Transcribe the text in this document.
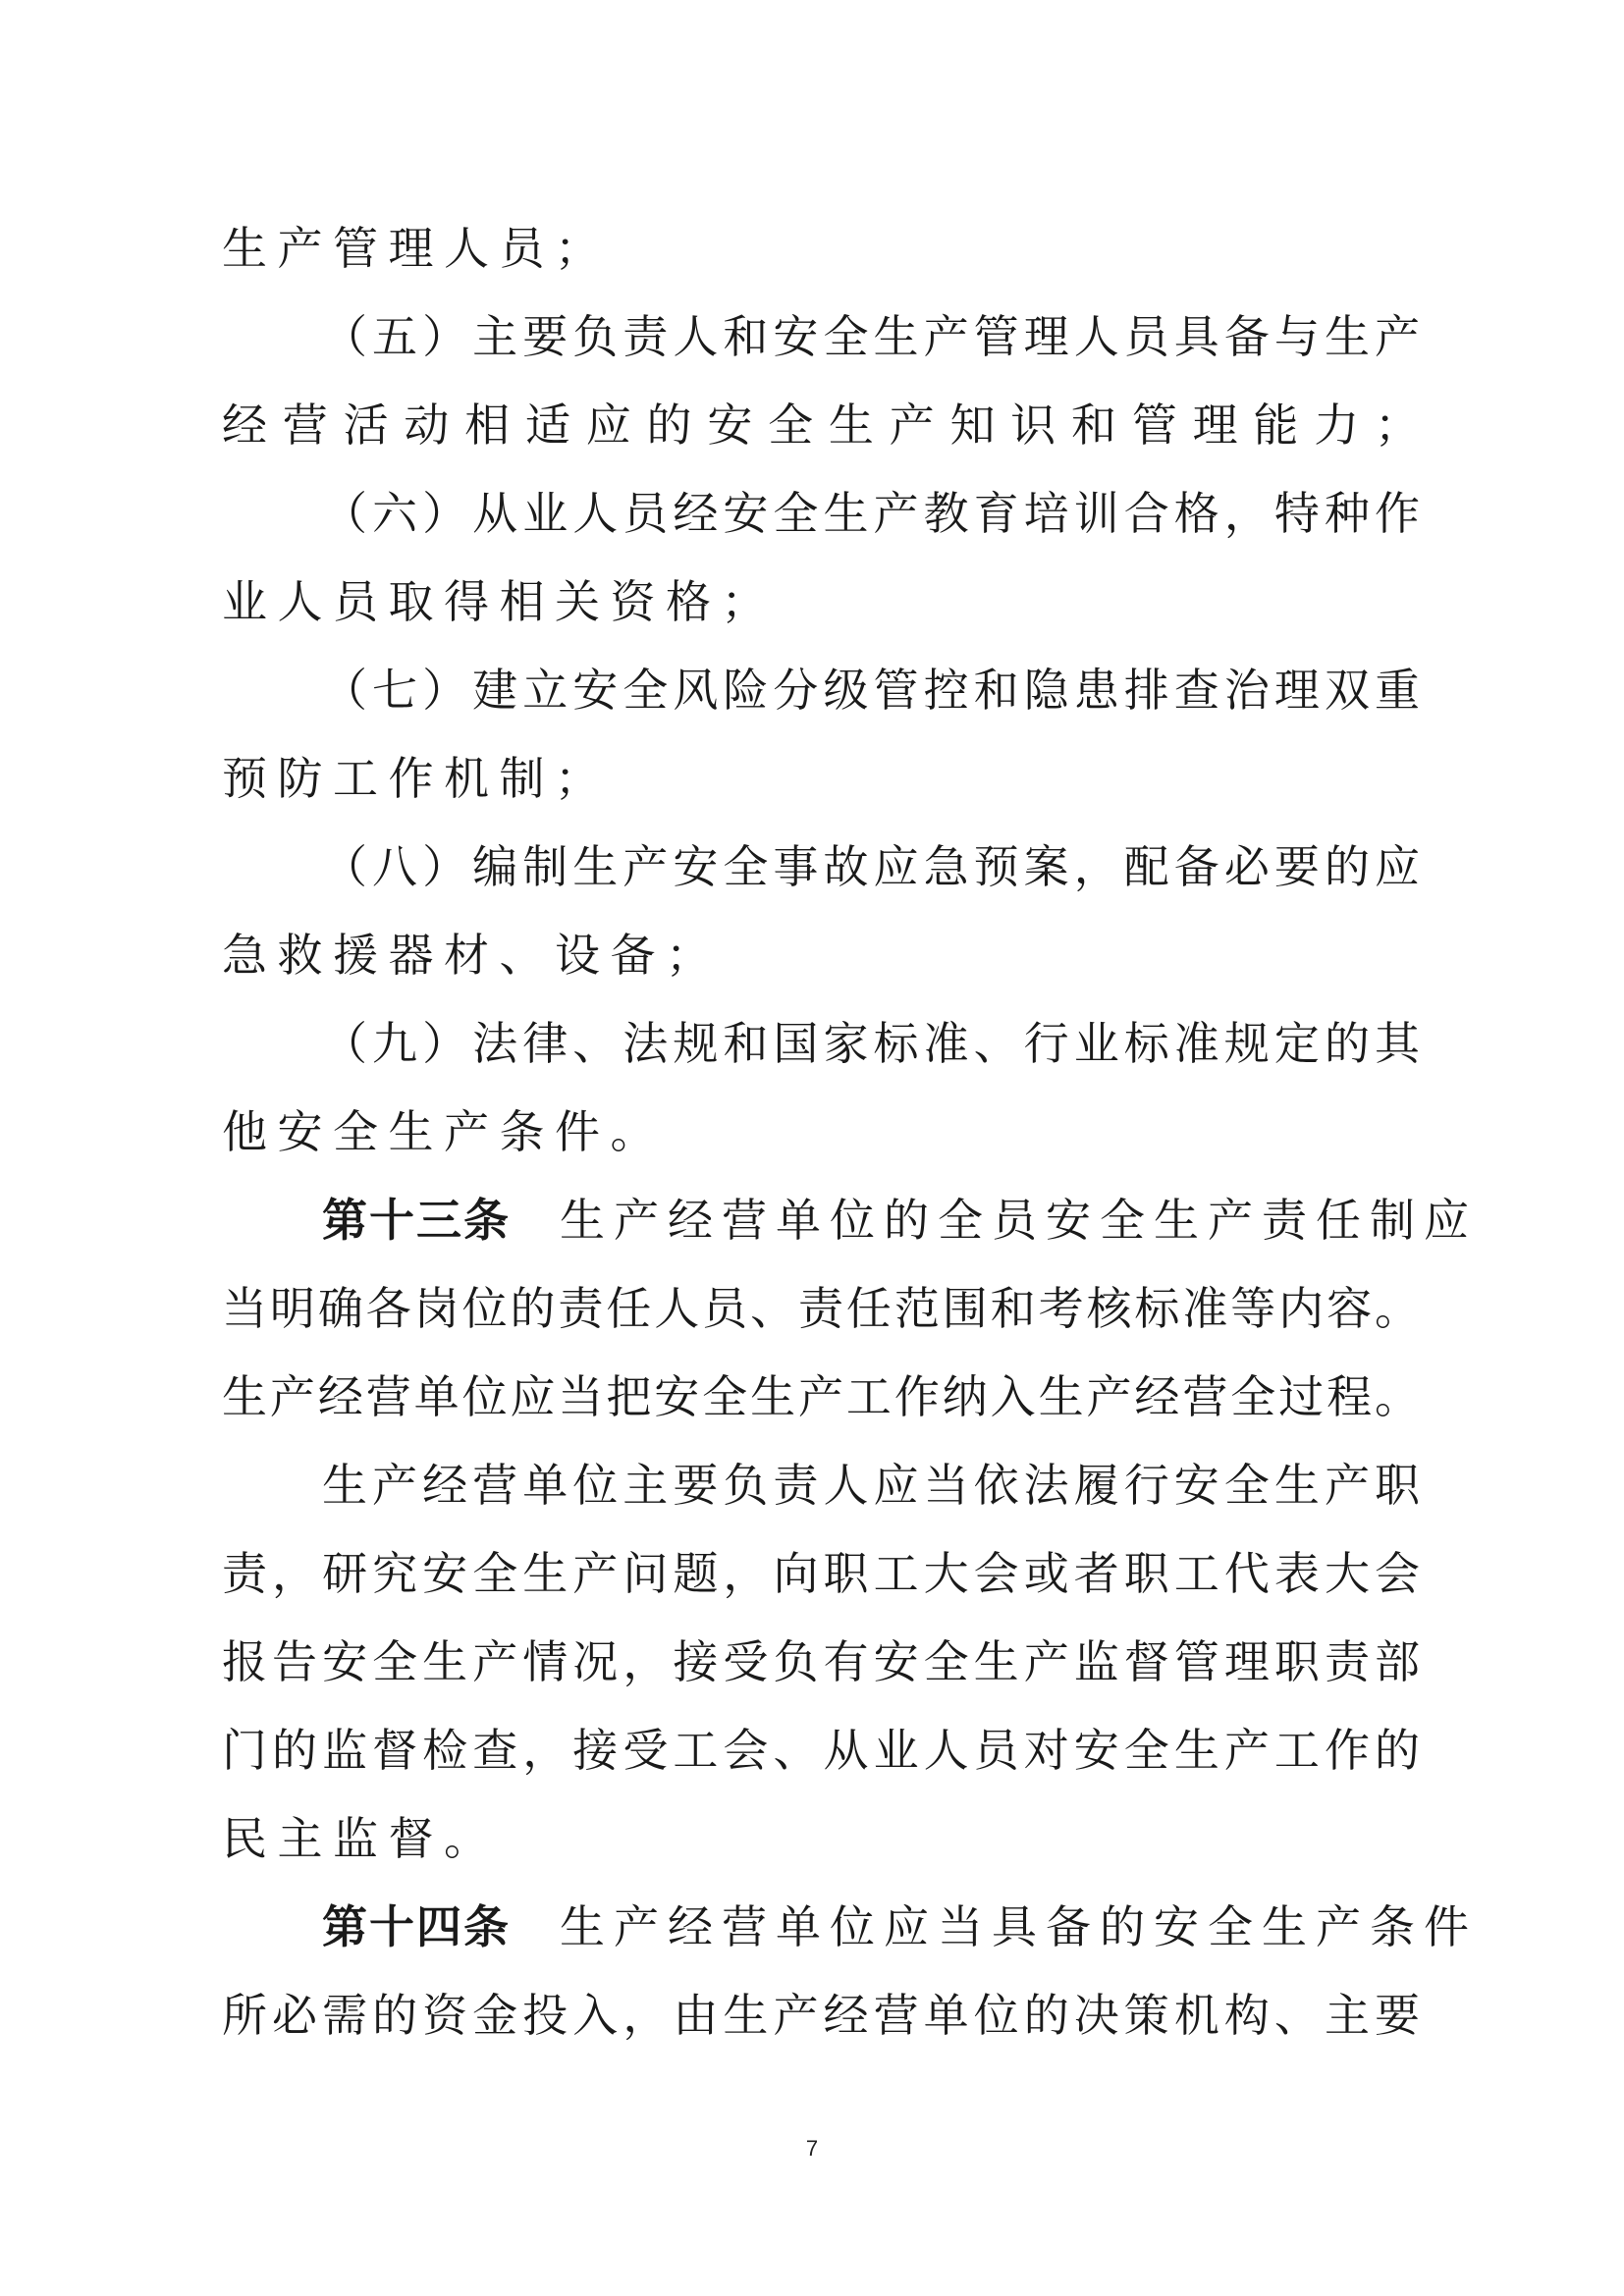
生产管理人员；
（五）主要负责人和安全生产管理人员具备与生产
经营活动相适应的安全生产知识和管理能力；
（六）从业人员经安全生产教育培训合格，特种作
业人员取得相关资格；
（七）建立安全风险分级管控和隐患排查治理双重
预防工作机制；
（八）编制生产安全事故应急预案，配备必要的应
急救援器材、设备；
（九）法律、法规和国家标准、行业标准规定的其
他安全生产条件。
第十三条 生产经营单位的全员安全生产责任制应
当明确各岗位的责任人员、责任范围和考核标准等内容。
生产经营单位应当把安全生产工作纳入生产经营全过程。
生产经营单位主要负责人应当依法履行安全生产职
责，研究安全生产问题，向职工大会或者职工代表大会
报告安全生产情况，接受负有安全生产监督管理职责部
门的监督检查，接受工会、从业人员对安全生产工作的
民主监督。
第十四条 生产经营单位应当具备的安全生产条件
所必需的资金投入，由生产经营单位的决策机构、主要
7
